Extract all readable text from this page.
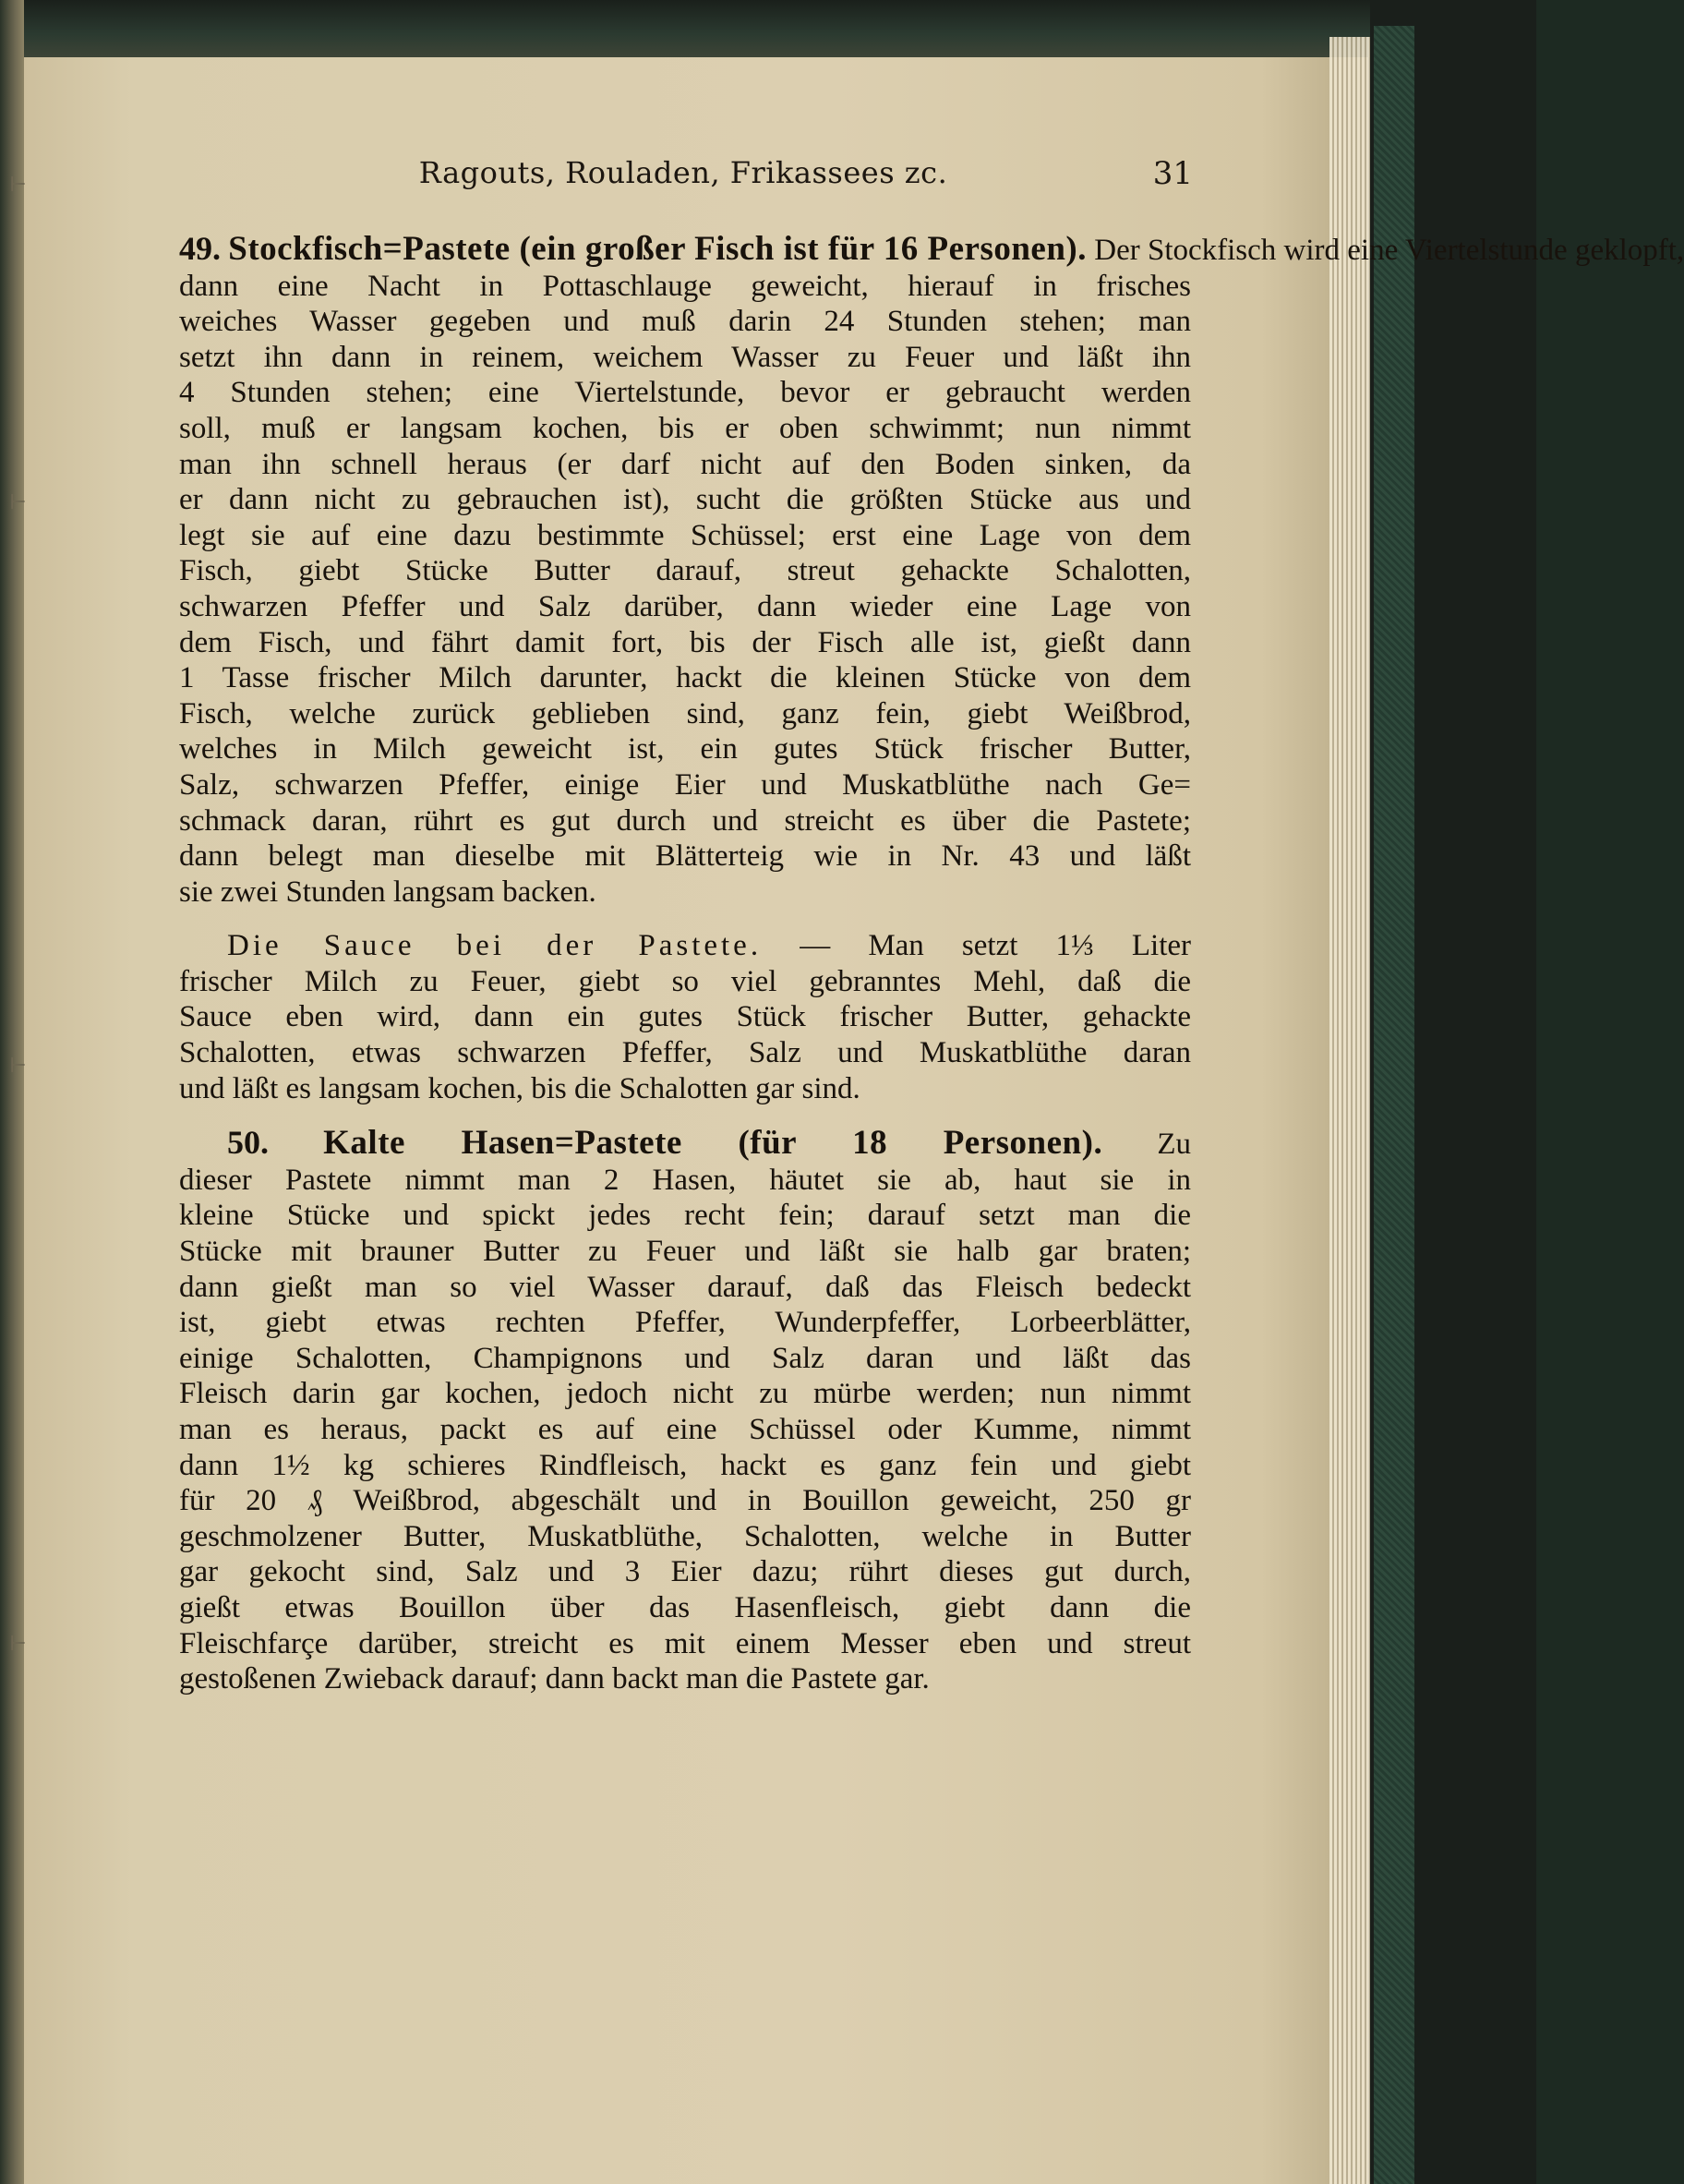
⊢
⊢
⊢
⊢
Ragouts, Rouladen, Frikassees zc.	31
49. Stockfisch=Pastete (ein großer Fisch ist für 16 Personen). Der Stockfisch wird eine Viertelstunde geklopft,
dann eine Nacht in Pottaschlauge geweicht, hierauf in frisches
weiches Wasser gegeben und muß darin 24 Stunden stehen; man
setzt ihn dann in reinem, weichem Wasser zu Feuer und läßt ihn
4 Stunden stehen; eine Viertelstunde, bevor er gebraucht werden
soll, muß er langsam kochen, bis er oben schwimmt; nun nimmt
man ihn schnell heraus (er darf nicht auf den Boden sinken, da
er dann nicht zu gebrauchen ist), sucht die größten Stücke aus und
legt sie auf eine dazu bestimmte Schüssel; erst eine Lage von dem
Fisch, giebt Stücke Butter darauf, streut gehackte Schalotten,
schwarzen Pfeffer und Salz darüber, dann wieder eine Lage von
dem Fisch, und fährt damit fort, bis der Fisch alle ist, gießt dann
1 Tasse frischer Milch darunter, hackt die kleinen Stücke von dem
Fisch, welche zurück geblieben sind, ganz fein, giebt Weißbrod,
welches in Milch geweicht ist, ein gutes Stück frischer Butter,
Salz, schwarzen Pfeffer, einige Eier und Muskatblüthe nach Ge=
schmack daran, rührt es gut durch und streicht es über die Pastete;
dann belegt man dieselbe mit Blätterteig wie in Nr. 43 und läßt
sie zwei Stunden langsam backen.
Die Sauce bei der Pastete. — Man setzt 1⅓ Liter
frischer Milch zu Feuer, giebt so viel gebranntes Mehl, daß die
Sauce eben wird, dann ein gutes Stück frischer Butter, gehackte
Schalotten, etwas schwarzen Pfeffer, Salz und Muskatblüthe daran
und läßt es langsam kochen, bis die Schalotten gar sind.
50. Kalte Hasen=Pastete (für 18 Personen). Zu
dieser Pastete nimmt man 2 Hasen, häutet sie ab, haut sie in
kleine Stücke und spickt jedes recht fein; darauf setzt man die
Stücke mit brauner Butter zu Feuer und läßt sie halb gar braten;
dann gießt man so viel Wasser darauf, daß das Fleisch bedeckt
ist, giebt etwas rechten Pfeffer, Wunderpfeffer, Lorbeerblätter,
einige Schalotten, Champignons und Salz daran und läßt das
Fleisch darin gar kochen, jedoch nicht zu mürbe werden; nun nimmt
man es heraus, packt es auf eine Schüssel oder Kumme, nimmt
dann 1½ kg schieres Rindfleisch, hackt es ganz fein und giebt
für 20 ₰ Weißbrod, abgeschält und in Bouillon geweicht, 250 gr
geschmolzener Butter, Muskatblüthe, Schalotten, welche in Butter
gar gekocht sind, Salz und 3 Eier dazu; rührt dieses gut durch,
gießt etwas Bouillon über das Hasenfleisch, giebt dann die
Fleischfarçe darüber, streicht es mit einem Messer eben und streut
gestoßenen Zwieback darauf; dann backt man die Pastete gar.
